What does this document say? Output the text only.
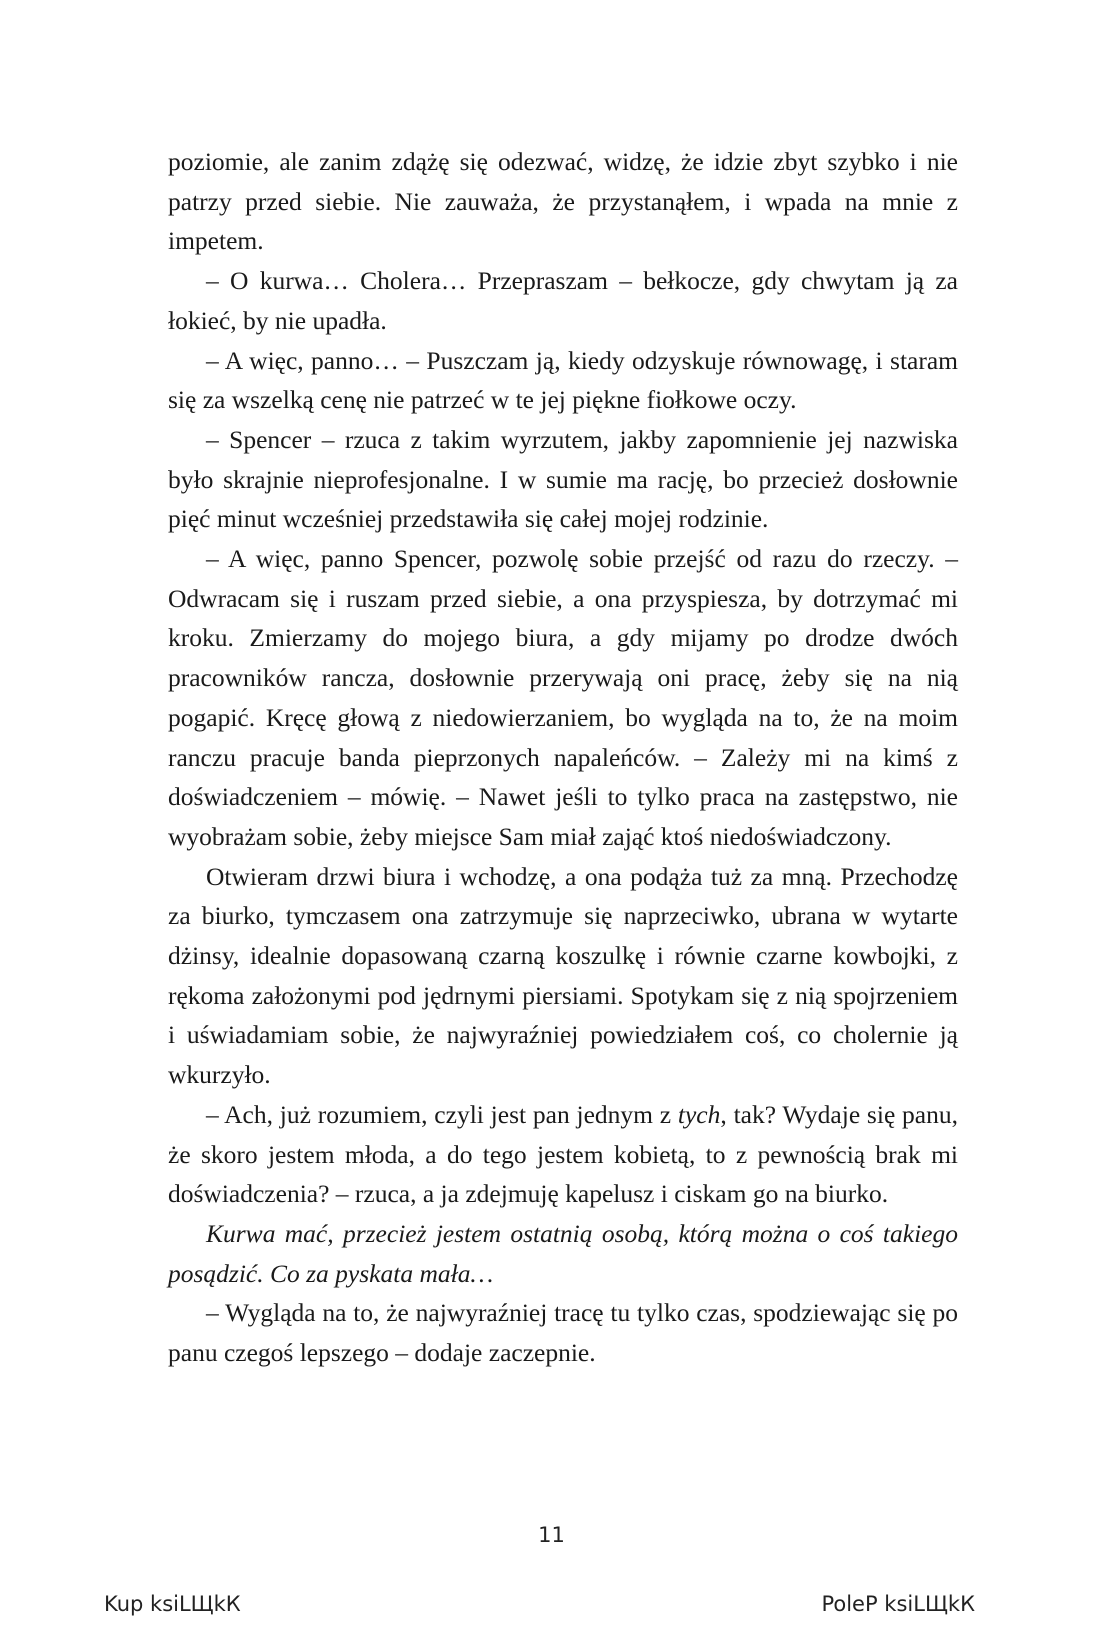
poziomie, ale zanim zdążę się odezwać, widzę, że idzie zbyt szybko i nie patrzy przed siebie. Nie zauważa, że przystanąłem, i wpada na mnie z impetem.

– O kurwa… Cholera… Przepraszam – bełkocze, gdy chwytam ją za łokieć, by nie upadła.

– A więc, panno… – Puszczam ją, kiedy odzyskuje równowagę, i staram się za wszelką cenę nie patrzeć w te jej piękne fiołkowe oczy.

– Spencer – rzuca z takim wyrzutem, jakby zapomnienie jej nazwiska było skrajnie nieprofesjonalne. I w sumie ma rację, bo przecież dosłownie pięć minut wcześniej przedstawiła się całej mojej rodzinie.

– A więc, panno Spencer, pozwolę sobie przejść od razu do rzeczy. – Odwracam się i ruszam przed siebie, a ona przyspiesza, by dotrzymać mi kroku. Zmierzamy do mojego biura, a gdy mijamy po drodze dwóch pracowników rancza, dosłownie przerywają oni pracę, żeby się na nią pogapić. Kręcę głową z niedowierzaniem, bo wygląda na to, że na moim ranczu pracuje banda pieprzonych napaleńców. – Zależy mi na kimś z doświadczeniem – mówię. – Nawet jeśli to tylko praca na zastępstwo, nie wyobrażam sobie, żeby miejsce Sam miał zająć ktoś niedoświadczony.

Otwieram drzwi biura i wchodzę, a ona podąża tuż za mną. Przechodzę za biurko, tymczasem ona zatrzymuje się naprzeciwko, ubrana w wytarte dżinsy, idealnie dopasowaną czarną koszulkę i równie czarne kowbojki, z rękoma założonymi pod jędrnymi piersiami. Spotykam się z nią spojrzeniem i uświadamiam sobie, że najwyraźniej powiedziałem coś, co cholernie ją wkurzyło.

– Ach, już rozumiem, czyli jest pan jednym z tych, tak? Wydaje się panu, że skoro jestem młoda, a do tego jestem kobietą, to z pewnością brak mi doświadczenia? – rzuca, a ja zdejmuję kapelusz i ciskam go na biurko.

Kurwa mać, przecież jestem ostatnią osobą, którą można o coś takiego posądzić. Co za pyskata mała…

– Wygląda na to, że najwyraźniej tracę tu tylko czas, spodziewając się po panu czegoś lepszego – dodaje zaczepnie.

11
Kup ksiLЩkК	PoleP ksiLЩkК
